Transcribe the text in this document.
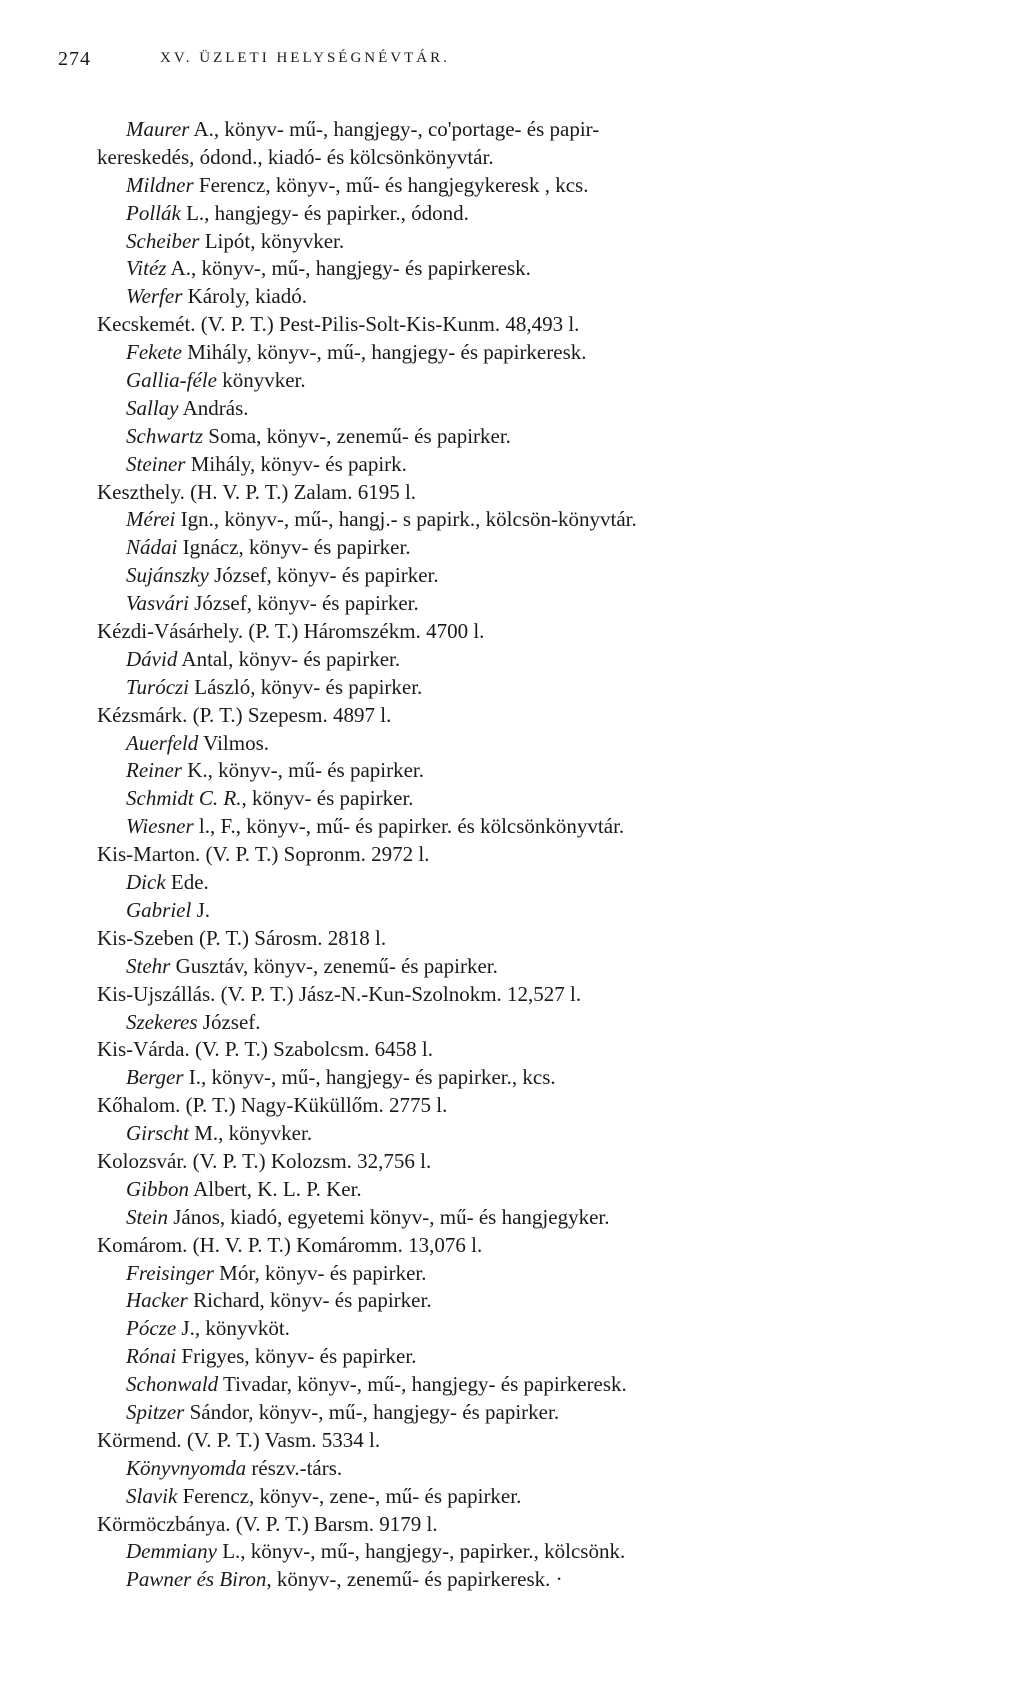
274	XV. ÜZLETI HELYSÉGNÉVTÁR.
Maurer A., könyv- mű-, hangjegy-, co'portage- és papir-
kereskedés, ódond., kiadó- és kölcsönkönyvtár.
Mildner Ferencz, könyv-, mű- és hangjegykeresk , kcs.
Pollák L., hangjegy- és papirker., ódond.
Scheiber Lipót, könyvker.
Vitéz A., könyv-, mű-, hangjegy- és papirkeresk.
Werfer Károly, kiadó.
Kecskemét. (V. P. T.) Pest-Pilis-Solt-Kis-Kunm. 48,493 l.
Fekete Mihály, könyv-, mű-, hangjegy- és papirkeresk.
Gallia-féle könyvker.
Sallay András.
Schwartz Soma, könyv-, zenemű- és papirker.
Steiner Mihály, könyv- és papirk.
Keszthely. (H. V. P. T.) Zalam. 6195 l.
Mérei Ign., könyv-, mű-, hangj.- s papirk., kölcsön-könyvtár.
Nádai Ignácz, könyv- és papirker.
Sujánszky József, könyv- és papirker.
Vasvári József, könyv- és papirker.
Kézdi-Vásárhely. (P. T.) Háromszékm. 4700 l.
Dávid Antal, könyv- és papirker.
Turóczi László, könyv- és papirker.
Kézsmárk. (P. T.) Szepesm. 4897 l.
Auerfeld Vilmos.
Reiner K., könyv-, mű- és papirker.
Schmidt C. R., könyv- és papirker.
Wiesner l., F., könyv-, mű- és papirker. és kölcsönkönyvtár.
Kis-Marton. (V. P. T.) Sopronm. 2972 l.
Dick Ede.
Gabriel J.
Kis-Szeben (P. T.) Sárosm. 2818 l.
Stehr Gusztáv, könyv-, zenemű- és papirker.
Kis-Ujszállás. (V. P. T.) Jász-N.-Kun-Szolnokm. 12,527 l.
Szekeres József.
Kis-Várda. (V. P. T.) Szabolcsm. 6458 l.
Berger I., könyv-, mű-, hangjegy- és papirker., kcs.
Kőhalom. (P. T.) Nagy-Küküllőm. 2775 l.
Girscht M., könyvker.
Kolozsvár. (V. P. T.) Kolozsm. 32,756 l.
Gibbon Albert, K. L. P. Ker.
Stein János, kiadó, egyetemi könyv-, mű- és hangjegyker.
Komárom. (H. V. P. T.) Komáromm. 13,076 l.
Freisinger Mór, könyv- és papirker.
Hacker Richard, könyv- és papirker.
Pócze J., könyvköt.
Rónai Frigyes, könyv- és papirker.
Schonwald Tivadar, könyv-, mű-, hangjegy- és papirkeresk.
Spitzer Sándor, könyv-, mű-, hangjegy- és papirker.
Körmend. (V. P. T.) Vasm. 5334 l.
Könyvnyomda részv.-társ.
Slavik Ferencz, könyv-, zene-, mű- és papirker.
Körmöczbánya. (V. P. T.) Barsm. 9179 l.
Demmiany L., könyv-, mű-, hangjegy-, papirker., kölcsönk.
Pawner és Biron, könyv-, zenemű- és papirkeresk. ·
